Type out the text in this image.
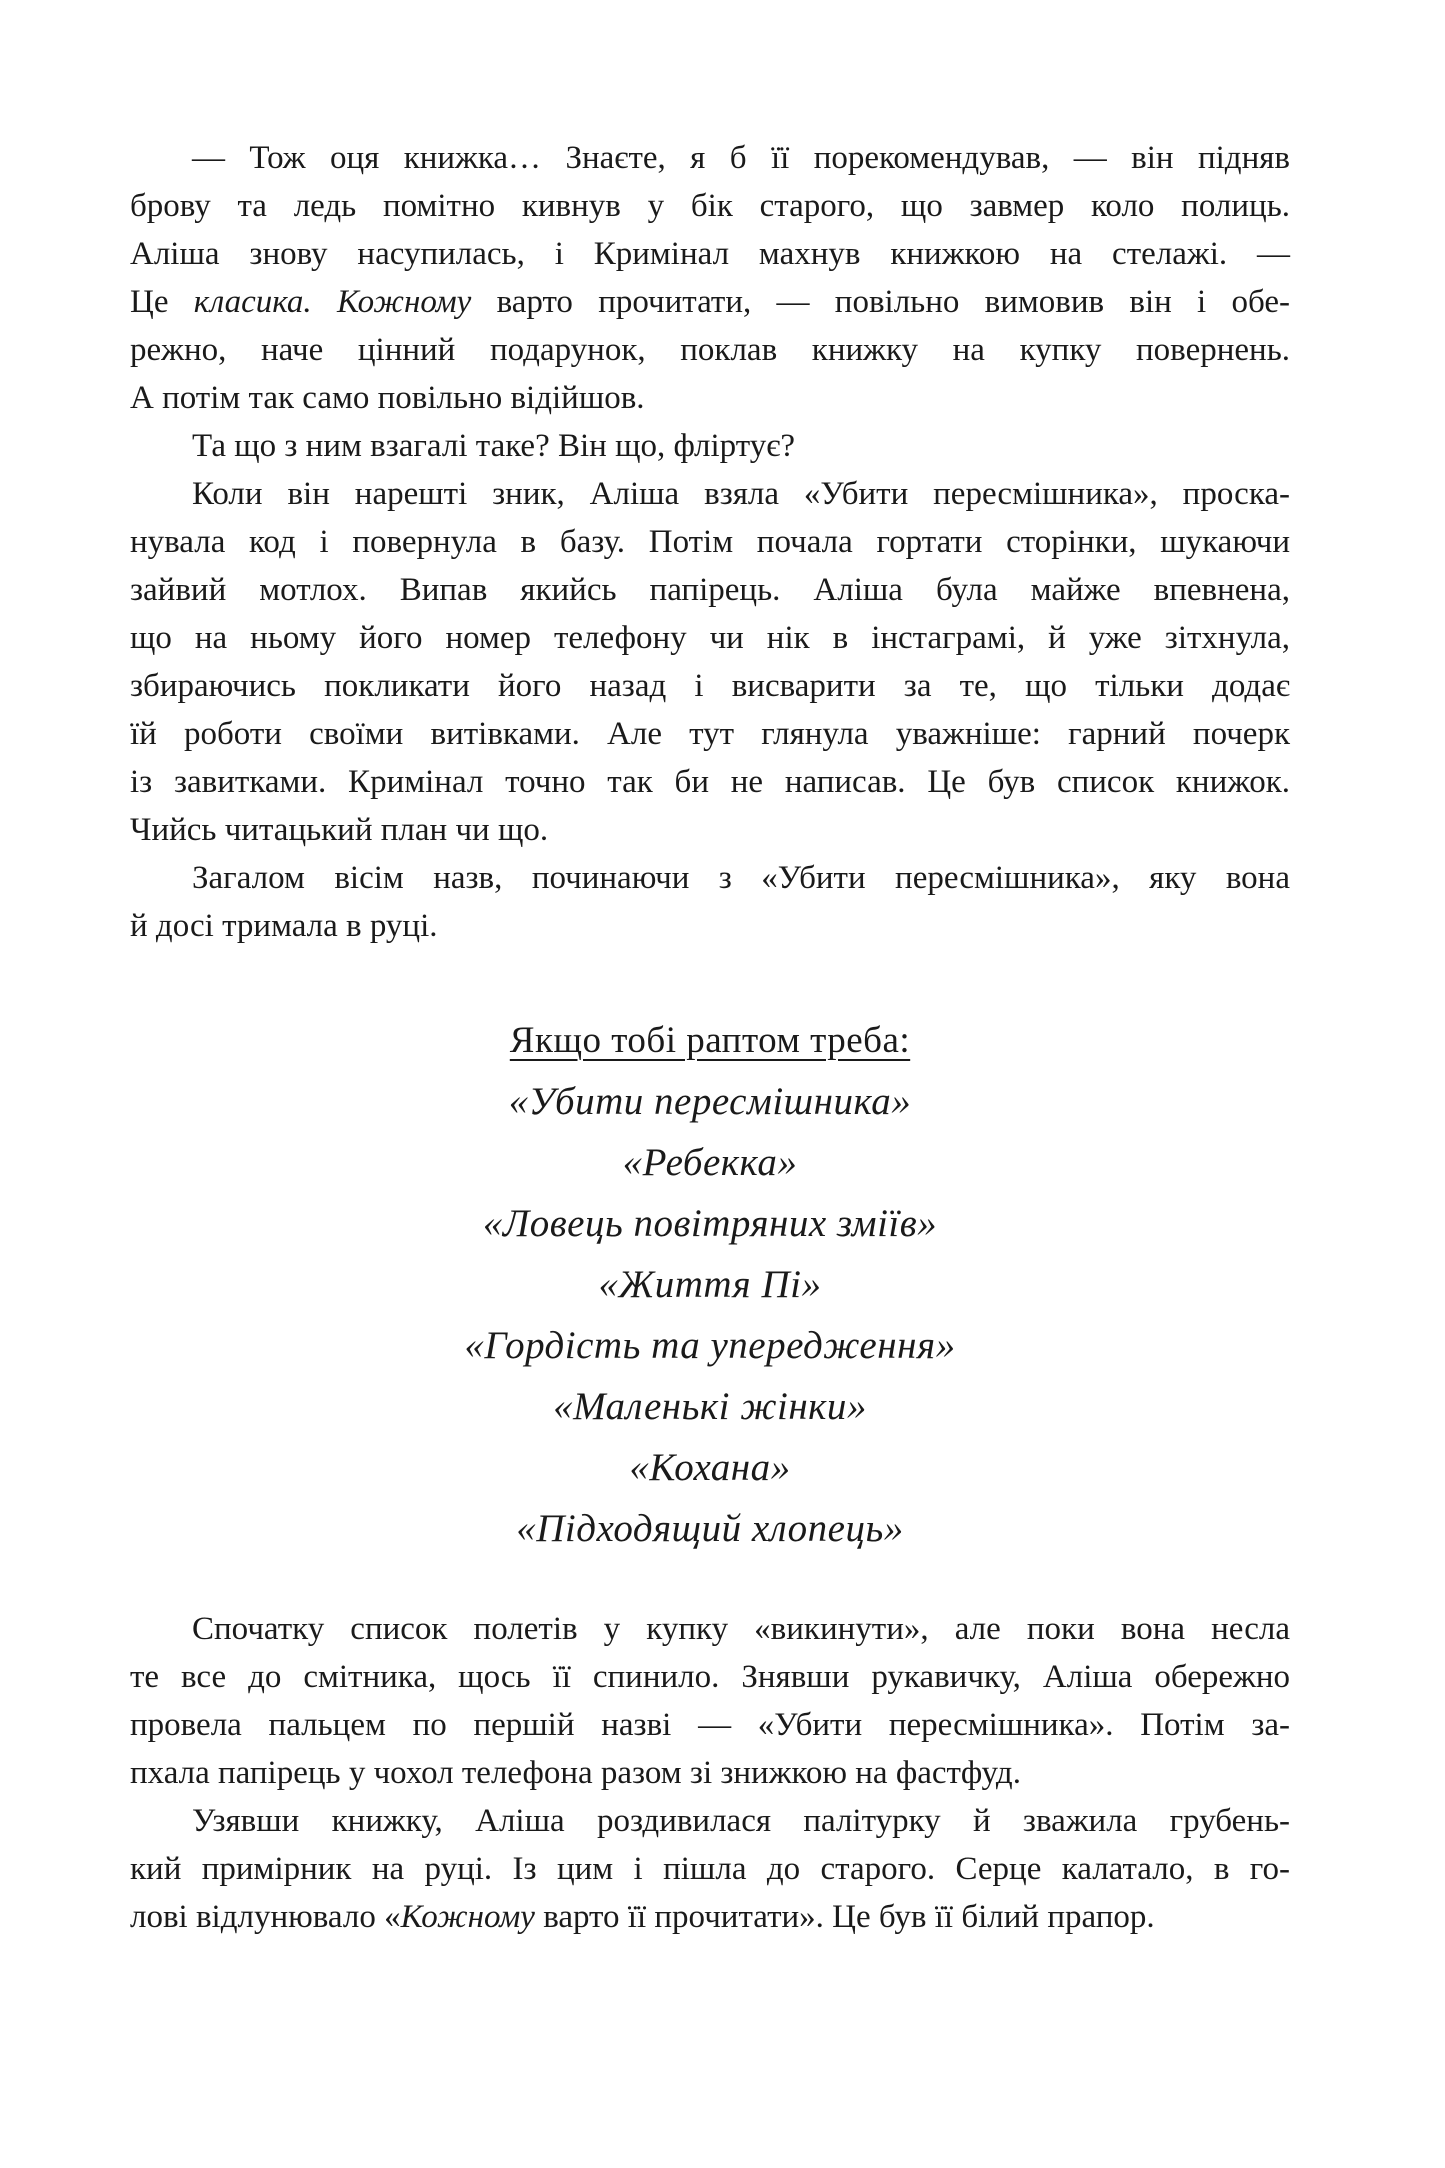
— Тож оця книжка… Знаєте, я б її порекомендував, — він підняв
брову та ледь помітно кивнув у бік старого, що завмер коло полиць.
Аліша знову насупилась, і Кримінал махнув книжкою на стелажі. —
Це класика. Кожному варто прочитати, — повільно вимовив він і обе-
режно, наче цінний подарунок, поклав книжку на купку повернень.
А потім так само повільно відійшов.
Та що з ним взагалі таке? Він що, фліртує?
Коли він нарешті зник, Аліша взяла «Убити пересмішника», проска-
нувала код і повернула в базу. Потім почала гортати сторінки, шукаючи
зайвий мотлох. Випав якийсь папірець. Аліша була майже впевнена,
що на ньому його номер телефону чи нік в інстаграмі, й уже зітхнула,
збираючись покликати його назад і висварити за те, що тільки додає
їй роботи своїми витівками. Але тут глянула уважніше: гарний почерк
із завитками. Кримінал точно так би не написав. Це був список книжок.
Чийсь читацький план чи що.
Загалом вісім назв, починаючи з «Убити пересмішника», яку вона
й досі тримала в руці.
Якщо тобі раптом треба:
«Убити пересмішника»
«Ребекка»
«Ловець повітряних зміїв»
«Життя Пі»
«Гордість та упередження»
«Маленькі жінки»
«Кохана»
«Підходящий хлопець»
Спочатку список полетів у купку «викинути», але поки вона несла
те все до смітника, щось її спинило. Знявши рукавичку, Аліша обережно
провела пальцем по першій назві — «Убити пересмішника». Потім за-
пхала папірець у чохол телефона разом зі знижкою на фастфуд.
Узявши книжку, Аліша роздивилася палітурку й зважила грубень-
кий примірник на руці. Із цим і пішла до старого. Серце калатало, в го-
лові відлунювало «Кожному варто її прочитати». Це був її білий прапор.
